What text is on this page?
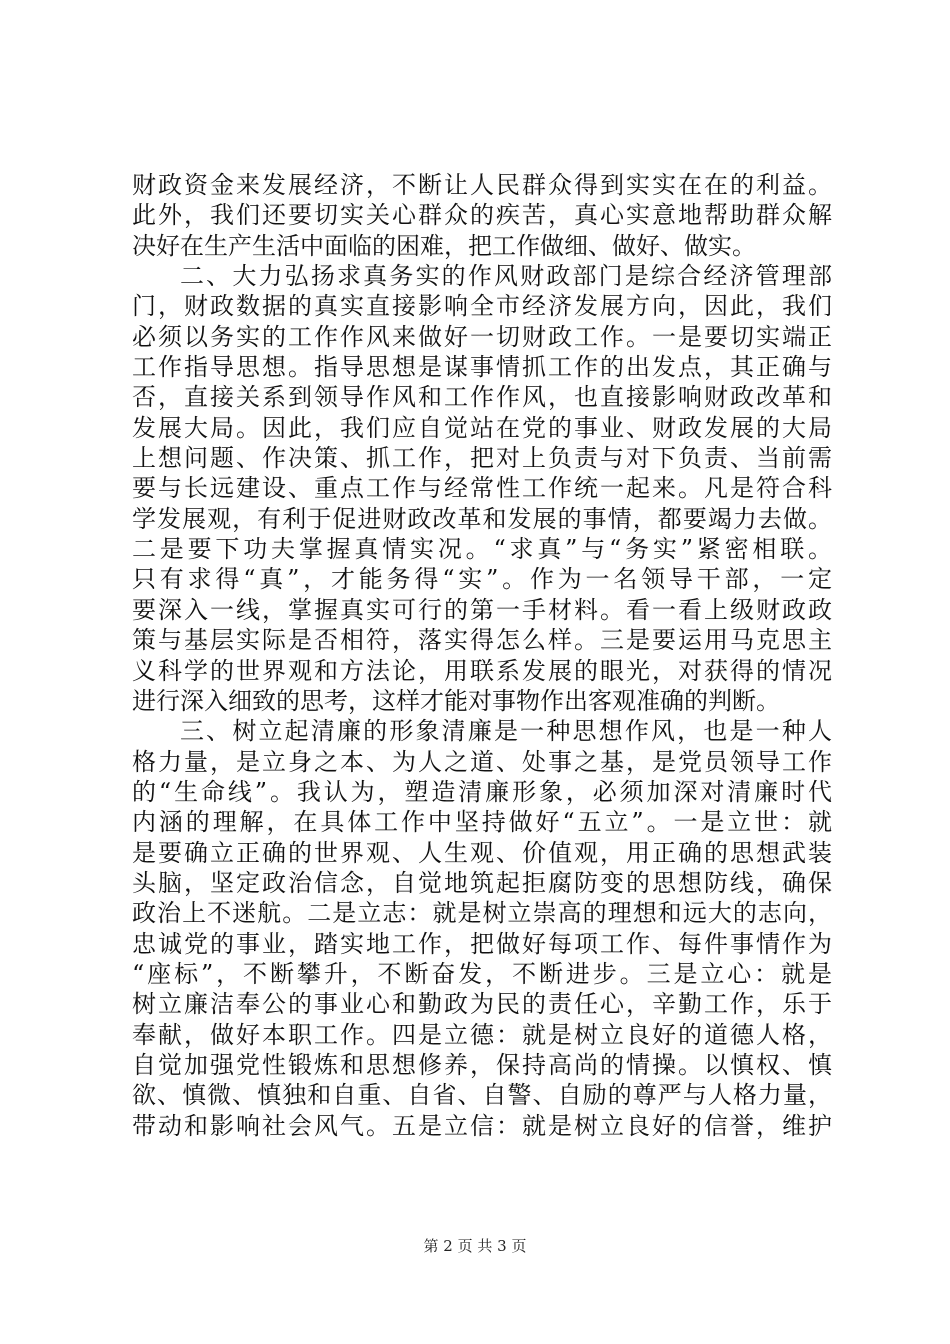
财政资金来发展经济，不断让人民群众得到实实在在的利益。
此外，我们还要切实关心群众的疾苦，真心实意地帮助群众解
决好在生产生活中面临的困难，把工作做细、做好、做实。
二、大力弘扬求真务实的作风财政部门是综合经济管理部
门，财政数据的真实直接影响全市经济发展方向，因此，我们
必须以务实的工作作风来做好一切财政工作。一是要切实端正
工作指导思想。指导思想是谋事情抓工作的出发点，其正确与
否，直接关系到领导作风和工作作风，也直接影响财政改革和
发展大局。因此，我们应自觉站在党的事业、财政发展的大局
上想问题、作决策、抓工作，把对上负责与对下负责、当前需
要与长远建设、重点工作与经常性工作统一起来。凡是符合科
学发展观，有利于促进财政改革和发展的事情，都要竭力去做。
二是要下功夫掌握真情实况。“求真”与“务实”紧密相联。
只有求得“真”，才能务得“实”。作为一名领导干部，一定
要深入一线，掌握真实可行的第一手材料。看一看上级财政政
策与基层实际是否相符，落实得怎么样。三是要运用马克思主
义科学的世界观和方法论，用联系发展的眼光，对获得的情况
进行深入细致的思考，这样才能对事物作出客观准确的判断。
三、树立起清廉的形象清廉是一种思想作风，也是一种人
格力量，是立身之本、为人之道、处事之基，是党员领导工作
的“生命线”。我认为，塑造清廉形象，必须加深对清廉时代
内涵的理解，在具体工作中坚持做好“五立”。一是立世：就
是要确立正确的世界观、人生观、价值观，用正确的思想武装
头脑，坚定政治信念，自觉地筑起拒腐防变的思想防线，确保
政治上不迷航。二是立志：就是树立崇高的理想和远大的志向，
忠诚党的事业，踏实地工作，把做好每项工作、每件事情作为
“座标”，不断攀升，不断奋发，不断进步。三是立心：就是
树立廉洁奉公的事业心和勤政为民的责任心，辛勤工作，乐于
奉献，做好本职工作。四是立德：就是树立良好的道德人格，
自觉加强党性锻炼和思想修养，保持高尚的情操。以慎权、慎
欲、慎微、慎独和自重、自省、自警、自励的尊严与人格力量，
带动和影响社会风气。五是立信：就是树立良好的信誉，维护
第 2 页 共 3 页
